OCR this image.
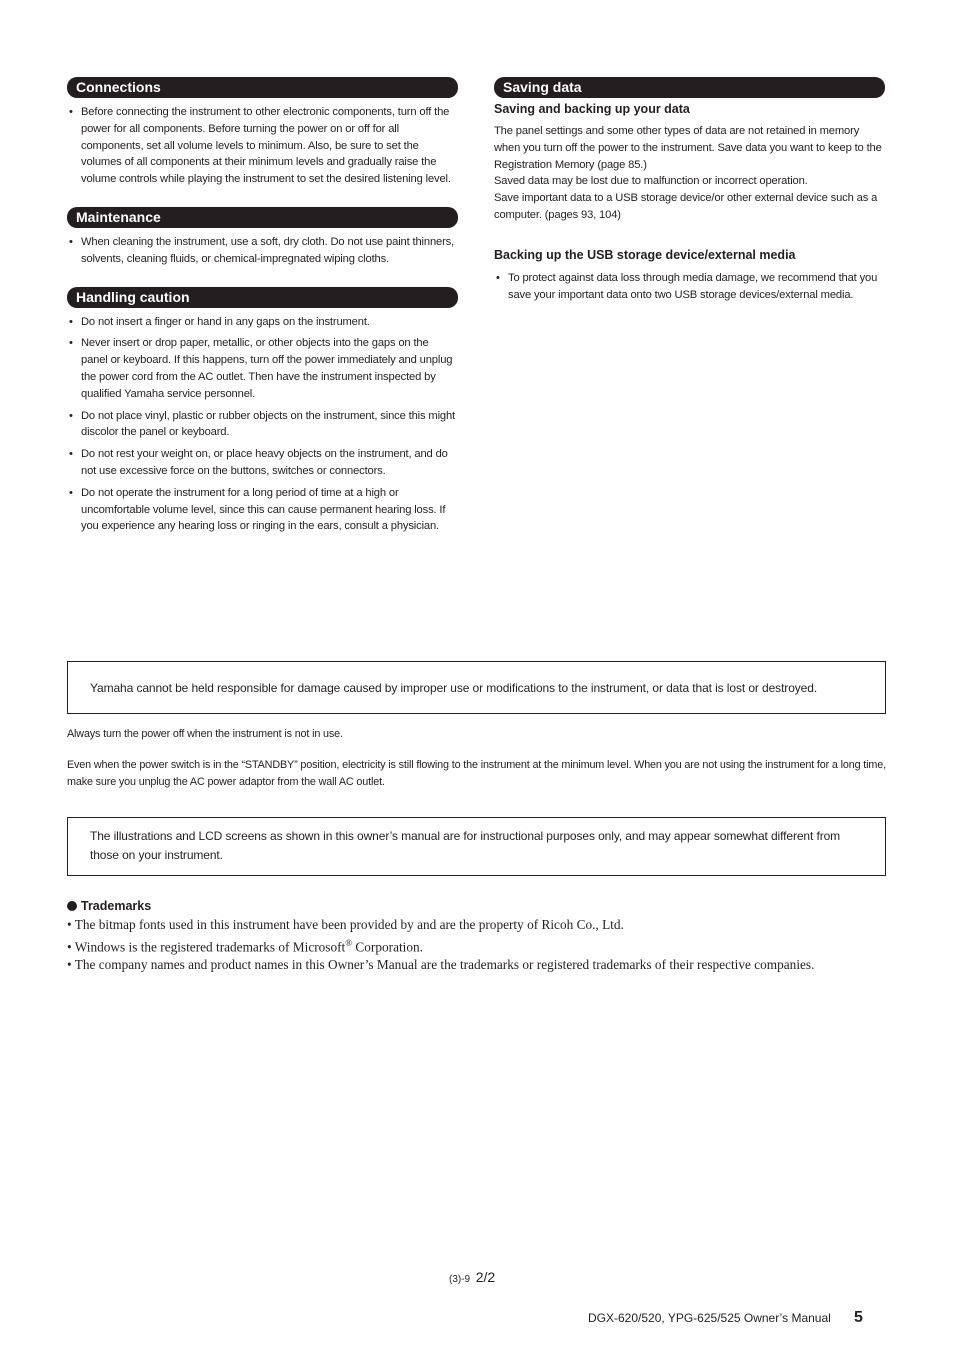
Connections
• Before connecting the instrument to other electronic components, turn off the power for all components. Before turning the power on or off for all components, set all volume levels to minimum. Also, be sure to set the volumes of all components at their minimum levels and gradually raise the volume controls while playing the instrument to set the desired listening level.
Maintenance
• When cleaning the instrument, use a soft, dry cloth. Do not use paint thinners, solvents, cleaning fluids, or chemical-impregnated wiping cloths.
Handling caution
• Do not insert a finger or hand in any gaps on the instrument.
• Never insert or drop paper, metallic, or other objects into the gaps on the panel or keyboard. If this happens, turn off the power immediately and unplug the power cord from the AC outlet. Then have the instrument inspected by qualified Yamaha service personnel.
• Do not place vinyl, plastic or rubber objects on the instrument, since this might discolor the panel or keyboard.
• Do not rest your weight on, or place heavy objects on the instrument, and do not use excessive force on the buttons, switches or connectors.
• Do not operate the instrument for a long period of time at a high or uncomfortable volume level, since this can cause permanent hearing loss. If you experience any hearing loss or ringing in the ears, consult a physician.
Saving data
Saving and backing up your data
The panel settings and some other types of data are not retained in memory when you turn off the power to the instrument. Save data you want to keep to the Registration Memory (page 85.)
Saved data may be lost due to malfunction or incorrect operation.
Save important data to a USB storage device/or other external device such as a computer. (pages 93, 104)
Backing up the USB storage device/external media
• To protect against data loss through media damage, we recommend that you save your important data onto two USB storage devices/external media.
Yamaha cannot be held responsible for damage caused by improper use or modifications to the instrument, or data that is lost or destroyed.
Always turn the power off when the instrument is not in use.
Even when the power switch is in the “STANDBY” position, electricity is still flowing to the instrument at the minimum level. When you are not using the instrument for a long time, make sure you unplug the AC power adaptor from the wall AC outlet.
The illustrations and LCD screens as shown in this owner’s manual are for instructional purposes only, and may appear somewhat different from those on your instrument.
Trademarks
• The bitmap fonts used in this instrument have been provided by and are the property of Ricoh Co., Ltd.
• Windows is the registered trademarks of Microsoft® Corporation.
• The company names and product names in this Owner’s Manual are the trademarks or registered trademarks of their respective companies.
(3)-9 2/2
DGX-620/520, YPG-625/525 Owner’s Manual 5
